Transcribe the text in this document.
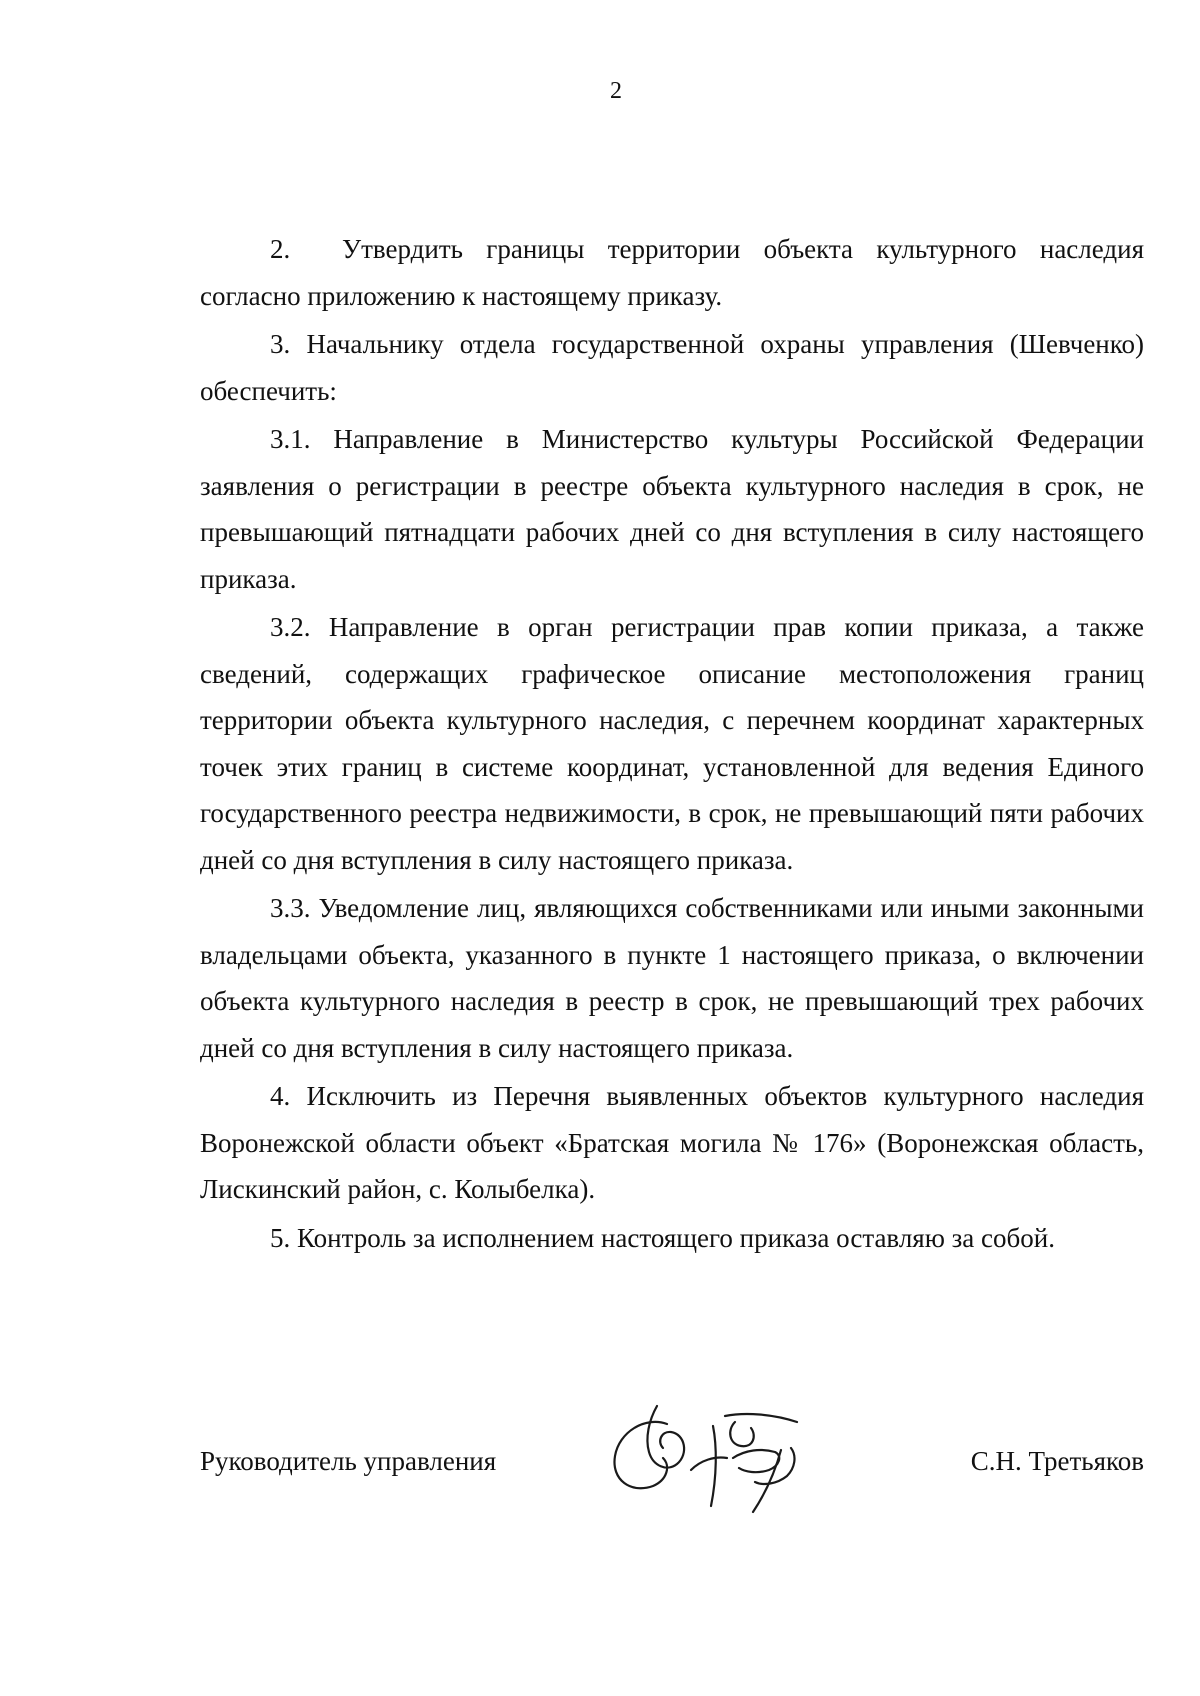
2

2. Утвердить границы территории объекта культурного наследия согласно приложению к настоящему приказу.

3. Начальнику отдела государственной охраны управления (Шевченко) обеспечить:

3.1. Направление в Министерство культуры Российской Федерации заявления о регистрации в реестре объекта культурного наследия в срок, не превышающий пятнадцати рабочих дней со дня вступления в силу настоящего приказа.

3.2. Направление в орган регистрации прав копии приказа, а также сведений, содержащих графическое описание местоположения границ территории объекта культурного наследия, с перечнем координат характерных точек этих границ в системе координат, установленной для ведения Единого государственного реестра недвижимости, в срок, не превышающий пяти рабочих дней со дня вступления в силу настоящего приказа.

3.3. Уведомление лиц, являющихся собственниками или иными законными владельцами объекта, указанного в пункте 1 настоящего приказа, о включении объекта культурного наследия в реестр в срок, не превышающий трех рабочих дней со дня вступления в силу настоящего приказа.

4. Исключить из Перечня выявленных объектов культурного наследия Воронежской области объект «Братская могила № 176» (Воронежская область, Лискинский район, с. Колыбелка).

5. Контроль за исполнением настоящего приказа оставляю за собой.

Руководитель управления	С.Н. Третьяков
